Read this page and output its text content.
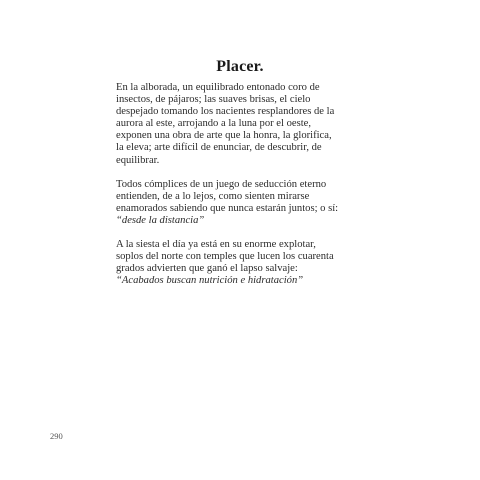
Placer.
En la alborada, un equilibrado entonado coro de
insectos, de pájaros; las suaves brisas, el cielo
despejado tomando los nacientes resplandores de la
aurora al este, arrojando a la luna por el oeste,
exponen una obra de arte que la honra, la glorifica,
la eleva; arte difícil de enunciar, de descubrir, de
equilibrar.
Todos cómplices de un juego de seducción eterno
entienden, de a lo lejos, como sienten mirarse
enamorados sabiendo que nunca estarán juntos; o sí:
“desde la distancia”
A la siesta el día ya está en su enorme explotar,
soplos del norte con temples que lucen los cuarenta
grados advierten que ganó el lapso salvaje:
“Acabados buscan nutrición e hidratación”
290
